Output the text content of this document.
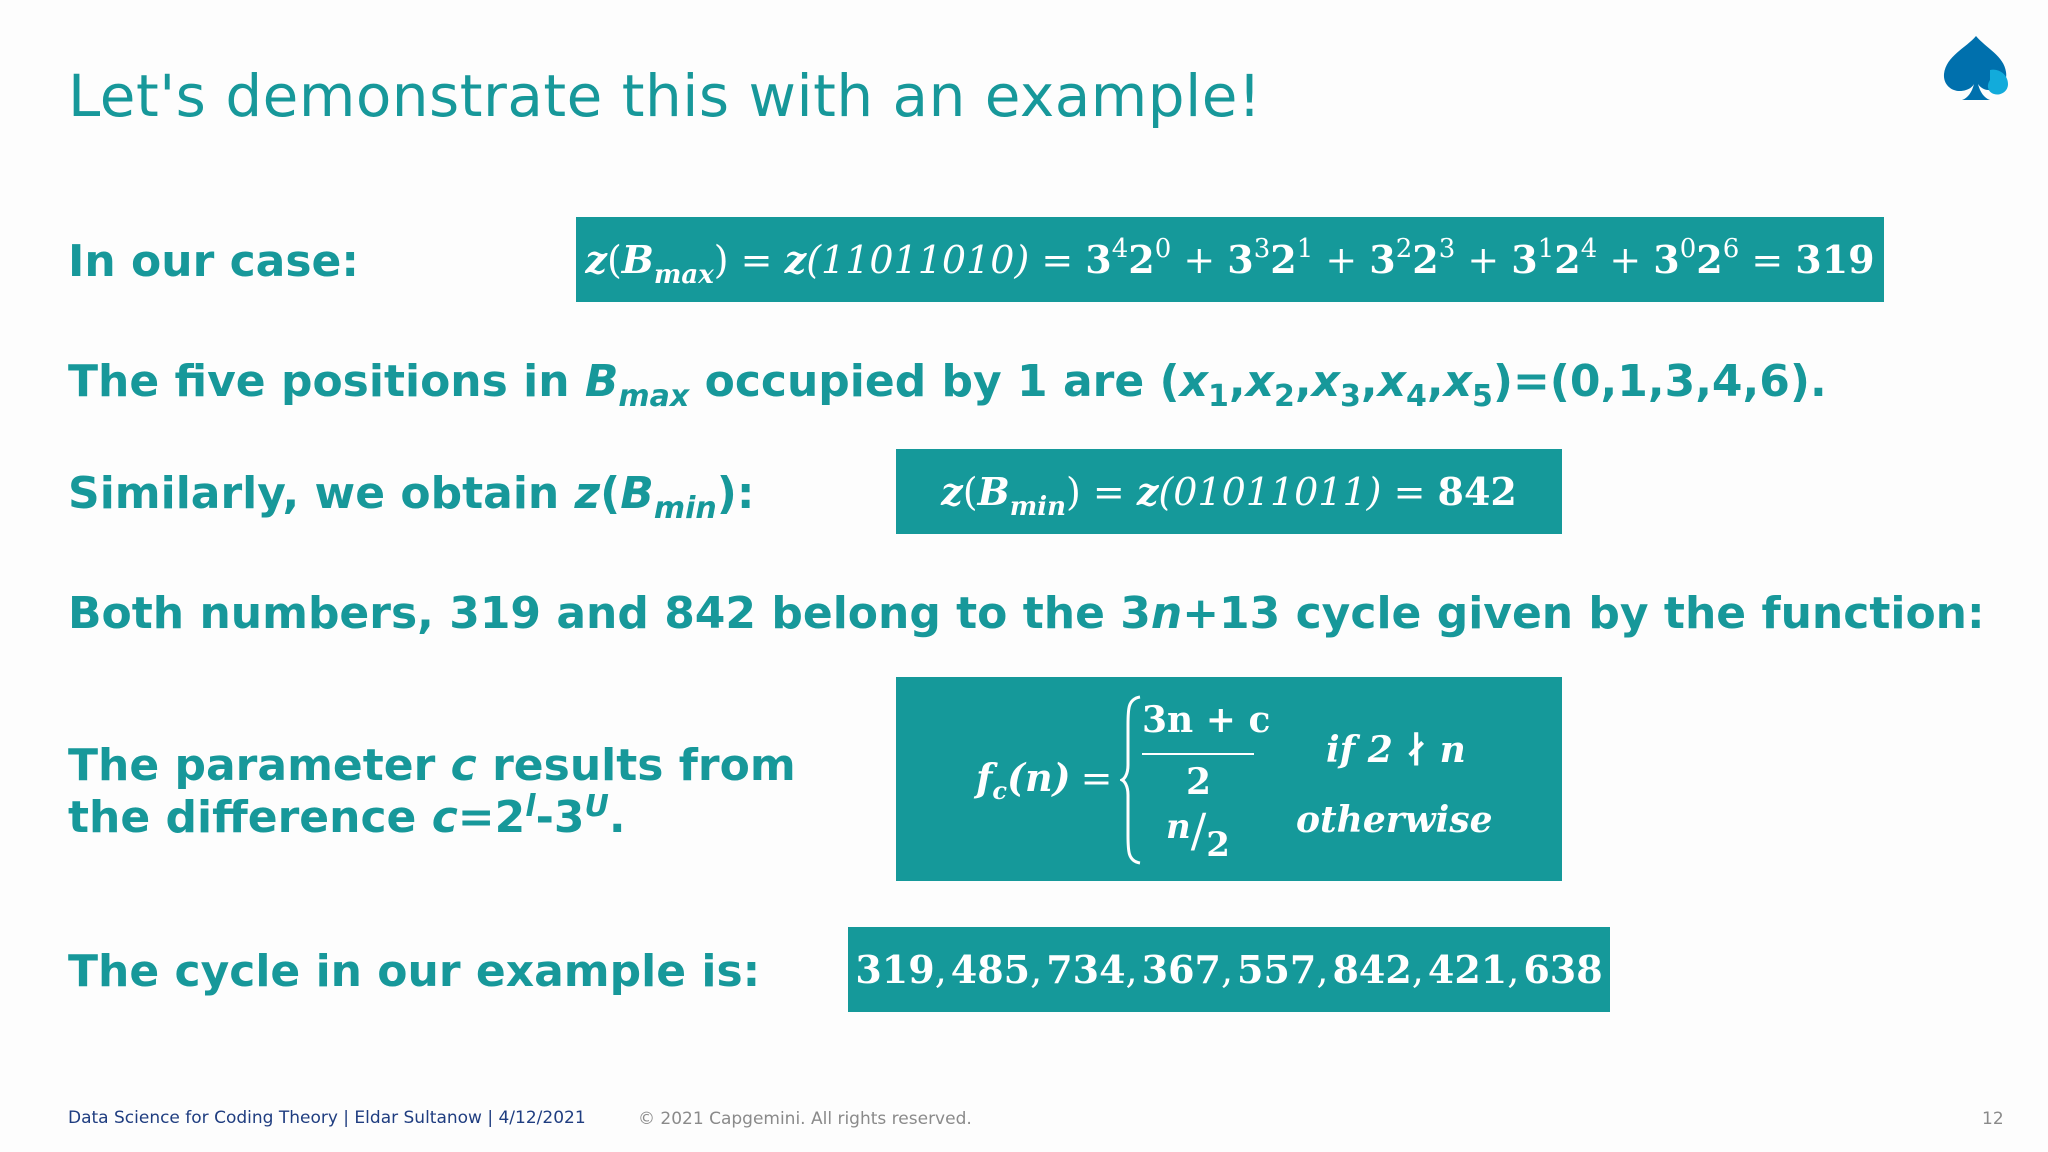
Let's demonstrate this with an example!
In our case:	$z(B_{max}) = z(11011010) = 3^42^0 + 3^32^1 + 3^22^3 + 3^12^4 + 3^02^6 = 319$
The five positions in $B_{max}$ occupied by 1 are $(x_1,x_2,x_3,x_4,x_5)=(0,1,3,4,6)$.
Similarly, we obtain $z(B_{min})$:	$z(B_{min}) = z(01011011) = 842$
Both numbers, 319 and 842 belong to the 3n+13 cycle given by the function:
The parameter c results from
the difference $c=2^l-3^U$.
$f_c(n)$ =
3n + c
2
n/2
if 2 ∤ n
otherwise
The cycle in our example is:	319, 485, 734, 367, 557, 842, 421, 638
Data Science for Coding Theory | Eldar Sultanow | 4/12/2021	© 2021 Capgemini. All rights reserved.	12
